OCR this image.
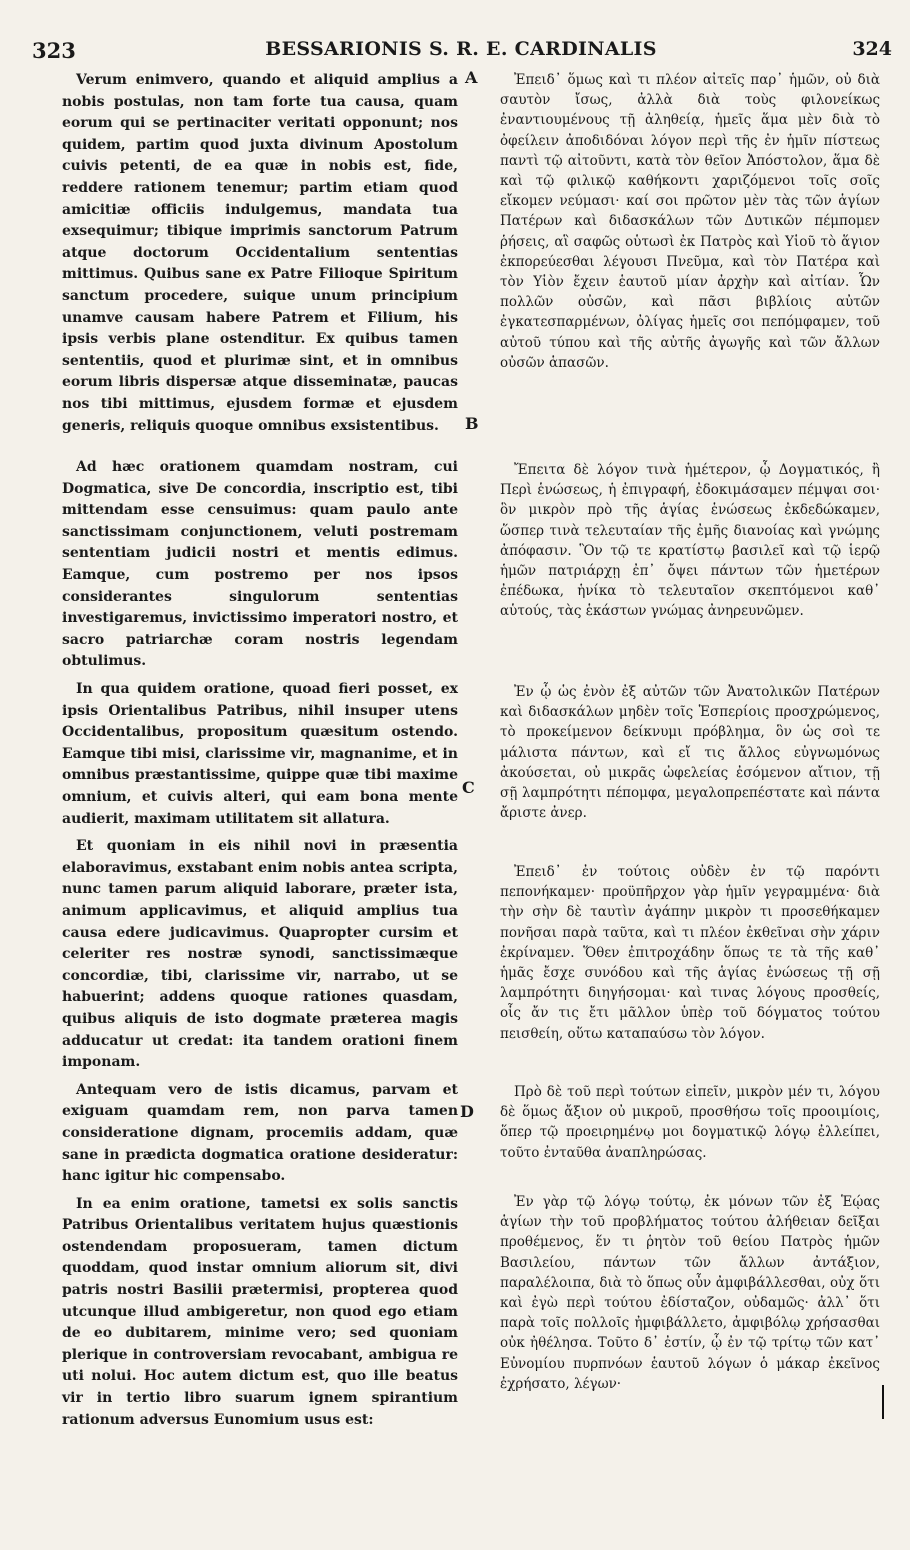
323	BESSARIONIS S. R. E. CARDINALIS	324
A
B
C
D

Verum enimvero, quando et aliquid amplius a nobis postulas, non tam forte tua causa, quam eorum qui se pertinaciter veritati opponunt; nos quidem, partim quod juxta divinum Apostolum cuivis petenti, de ea quæ in nobis est, fide, reddere rationem tenemur; partim etiam quod amicitiæ officiis indulgemus, mandata tua exsequimur; tibique imprimis sanctorum Patrum atque doctorum Occidentalium sententias mittimus. Quibus sane ex Patre Filioque Spiritum sanctum procedere, suique unum principium unamve causam habere Patrem et Filium, his ipsis verbis plane ostenditur. Ex quibus tamen sententiis, quod et plurimæ sint, et in omnibus eorum libris dispersæ atque disseminatæ, paucas nos tibi mittimus, ejusdem formæ et ejusdem generis, reliquis quoque omnibus exsistentibus.

Ad hæc orationem quamdam nostram, cui Dogmatica, sive De concordia, inscriptio est, tibi mittendam esse censuimus: quam paulo ante sanctissimam conjunctionem, veluti postremam sententiam judicii nostri et mentis edimus. Eamque, cum postremo per nos ipsos considerantes singulorum sententias investigaremus, invictissimo imperatori nostro, et sacro patriarchæ coram nostris legendam obtulimus.

In qua quidem oratione, quoad fieri posset, ex ipsis Orientalibus Patribus, nihil insuper utens Occidentalibus, propositum quæsitum ostendo. Eamque tibi misi, clarissime vir, magnanime, et in omnibus præstantissime, quippe quæ tibi maxime omnium, et cuivis alteri, qui eam bona mente audierit, maximam utilitatem sit allatura.

Et quoniam in eis nihil novi in præsentia elaboravimus, exstabant enim nobis antea scripta, nunc tamen parum aliquid laborare, præter ista, animum applicavimus, et aliquid amplius tua causa edere judicavimus. Quapropter cursim et celeriter res nostræ synodi, sanctissimæque concordiæ, tibi, clarissime vir, narrabo, ut se habuerint; addens quoque rationes quasdam, quibus aliquis de isto dogmate præterea magis adducatur ut credat: ita tandem orationi finem imponam.

Antequam vero de istis dicamus, parvam et exiguam quamdam rem, non parva tamen consideratione dignam, procemiis addam, quæ sane in prædicta dogmatica oratione desideratur: hanc igitur hic compensabo.

In ea enim oratione, tametsi ex solis sanctis Patribus Orientalibus veritatem hujus quæstionis ostendendam proposueram, tamen dictum quoddam, quod instar omnium aliorum sit, divi patris nostri Basilii prætermisi, propterea quod utcunque illud ambigeretur, non quod ego etiam de eo dubitarem, minime vero; sed quoniam plerique in controversiam revocabant, ambigua re uti nolui. Hoc autem dictum est, quo ille beatus vir in tertio libro suarum ignem spirantium rationum adversus Eunomium usus est:

Ἐπειδ᾽ ὅμως καὶ τι πλέον αἰτεῖς παρ᾽ ἡμῶν, οὐ διὰ σαυτὸν ἴσως, ἀλλὰ διὰ τοὺς φιλονείκως ἐναντιουμένους τῇ ἀληθείᾳ, ἡμεῖς ἅμα μὲν διὰ τὸ ὀφείλειν ἀποδιδόναι λόγον περὶ τῆς ἐν ἡμῖν πίστεως παντὶ τῷ αἰτοῦντι, κατὰ τὸν θεῖον Ἀπόστολον, ἅμα δὲ καὶ τῷ φιλικῷ καθήκοντι χαριζόμενοι τοῖς σοῖς εἴκομεν νεύμασι· καί σοι πρῶτον μὲν τὰς τῶν ἁγίων Πατέρων καὶ διδασκάλων τῶν Δυτικῶν πέμπομεν ῥήσεις, αἳ σαφῶς οὑτωσὶ ἐκ Πατρὸς καὶ Υἱοῦ τὸ ἅγιον ἐκπορεύεσθαι λέγουσι Πνεῦμα, καὶ τὸν Πατέρα καὶ τὸν Υἱὸν ἔχειν ἑαυτοῦ μίαν ἀρχὴν καὶ αἰτίαν. Ὧν πολλῶν οὐσῶν, καὶ πᾶσι βιβλίοις αὐτῶν ἐγκατεσπαρμένων, ὀλίγας ἡμεῖς σοι πεπόμφαμεν, τοῦ αὐτοῦ τύπου καὶ τῆς αὐτῆς ἀγωγῆς καὶ τῶν ἄλλων οὐσῶν ἁπασῶν.

Ἔπειτα δὲ λόγον τινὰ ἡμέτερον, ᾧ Δογματικός, ἢ Περὶ ἑνώσεως, ἡ ἐπιγραφή, ἐδοκιμάσαμεν πέμψαι σοι· ὃν μικρὸν πρὸ τῆς ἁγίας ἑνώσεως ἐκδεδώκαμεν, ὥσπερ τινὰ τελευταίαν τῆς ἐμῆς διανοίας καὶ γνώμης ἀπόφασιν. Ὃν τῷ τε κρατίστῳ βασιλεῖ καὶ τῷ ἱερῷ ἡμῶν πατριάρχῃ ἐπ᾽ ὄψει πάντων τῶν ἡμετέρων ἐπέδωκα, ἡνίκα τὸ τελευταῖον σκεπτόμενοι καθ᾽ αὑτούς, τὰς ἑκάστων γνώμας ἀνηρευνῶμεν.

Ἐν ᾧ ὡς ἐνὸν ἐξ αὐτῶν τῶν Ἀνατολικῶν Πατέρων καὶ διδασκάλων μηδὲν τοῖς Ἑσπερίοις προσχρώμενος, τὸ προκείμενον δείκνυμι πρόβλημα, ὃν ὡς σοὶ τε μάλιστα πάντων, καὶ εἴ τις ἄλλος εὐγνωμόνως ἀκούσεται, οὐ μικρᾶς ὠφελείας ἐσόμενον αἴτιον, τῇ σῇ λαμπρότητι πέπομφα, μεγαλοπρεπέστατε καὶ πάντα ἄριστε ἀνερ.

Ἐπειδ᾽ ἐν τούτοις οὐδὲν ἐν τῷ παρόντι πεπονήκαμεν· προϋπῆρχον γὰρ ἡμῖν γεγραμμένα· διὰ τὴν σὴν δὲ ταυτὶν ἀγάπην μικρὸν τι προσεθήκαμεν πονῆσαι παρὰ ταῦτα, καὶ τι πλέον ἐκθεῖναι σὴν χάριν ἐκρίναμεν. Ὅθεν ἐπιτροχάδην ὅπως τε τὰ τῆς καθ᾽ ἡμᾶς ἔσχε συνόδου καὶ τῆς ἁγίας ἑνώσεως τῇ σῇ λαμπρότητι διηγήσομαι· καὶ τινας λόγους προσθείς, οἷς ἄν τις ἔτι μᾶλλον ὑπὲρ τοῦ δόγματος τούτου πεισθείη, οὕτω καταπαύσω τὸν λόγον.

Πρὸ δὲ τοῦ περὶ τούτων εἰπεῖν, μικρὸν μέν τι, λόγου δὲ ὅμως ἄξιον οὐ μικροῦ, προσθήσω τοῖς προοιμίοις, ὅπερ τῷ προειρημένῳ μοι δογματικῷ λόγῳ ἐλλείπει, τοῦτο ἐνταῦθα ἀναπληρώσας.

Ἐν γὰρ τῷ λόγῳ τούτῳ, ἐκ μόνων τῶν ἐξ Ἑῴας ἁγίων τὴν τοῦ προβλήματος τούτου ἀλήθειαν δεῖξαι προθέμενος, ἕν τι ῥητὸν τοῦ θείου Πατρὸς ἡμῶν Βασιλείου, πάντων τῶν ἄλλων ἀντάξιον, παραλέλοιπα, διὰ τὸ ὅπως οὖν ἀμφιβάλλεσθαι, οὐχ ὅτι καὶ ἐγὼ περὶ τούτου ἐδίσταζον, οὐδαμῶς· ἀλλ᾽ ὅτι παρὰ τοῖς πολλοῖς ἠμφιβάλλετο, ἀμφιβόλῳ χρήσασθαι οὐκ ἠθέλησα. Τοῦτο δ᾽ ἐστίν, ᾧ ἐν τῷ τρίτῳ τῶν κατ᾽ Εὐνομίου πυρπνόων ἑαυτοῦ λόγων ὁ μάκαρ ἐκεῖνος ἐχρήσατο, λέγων·
